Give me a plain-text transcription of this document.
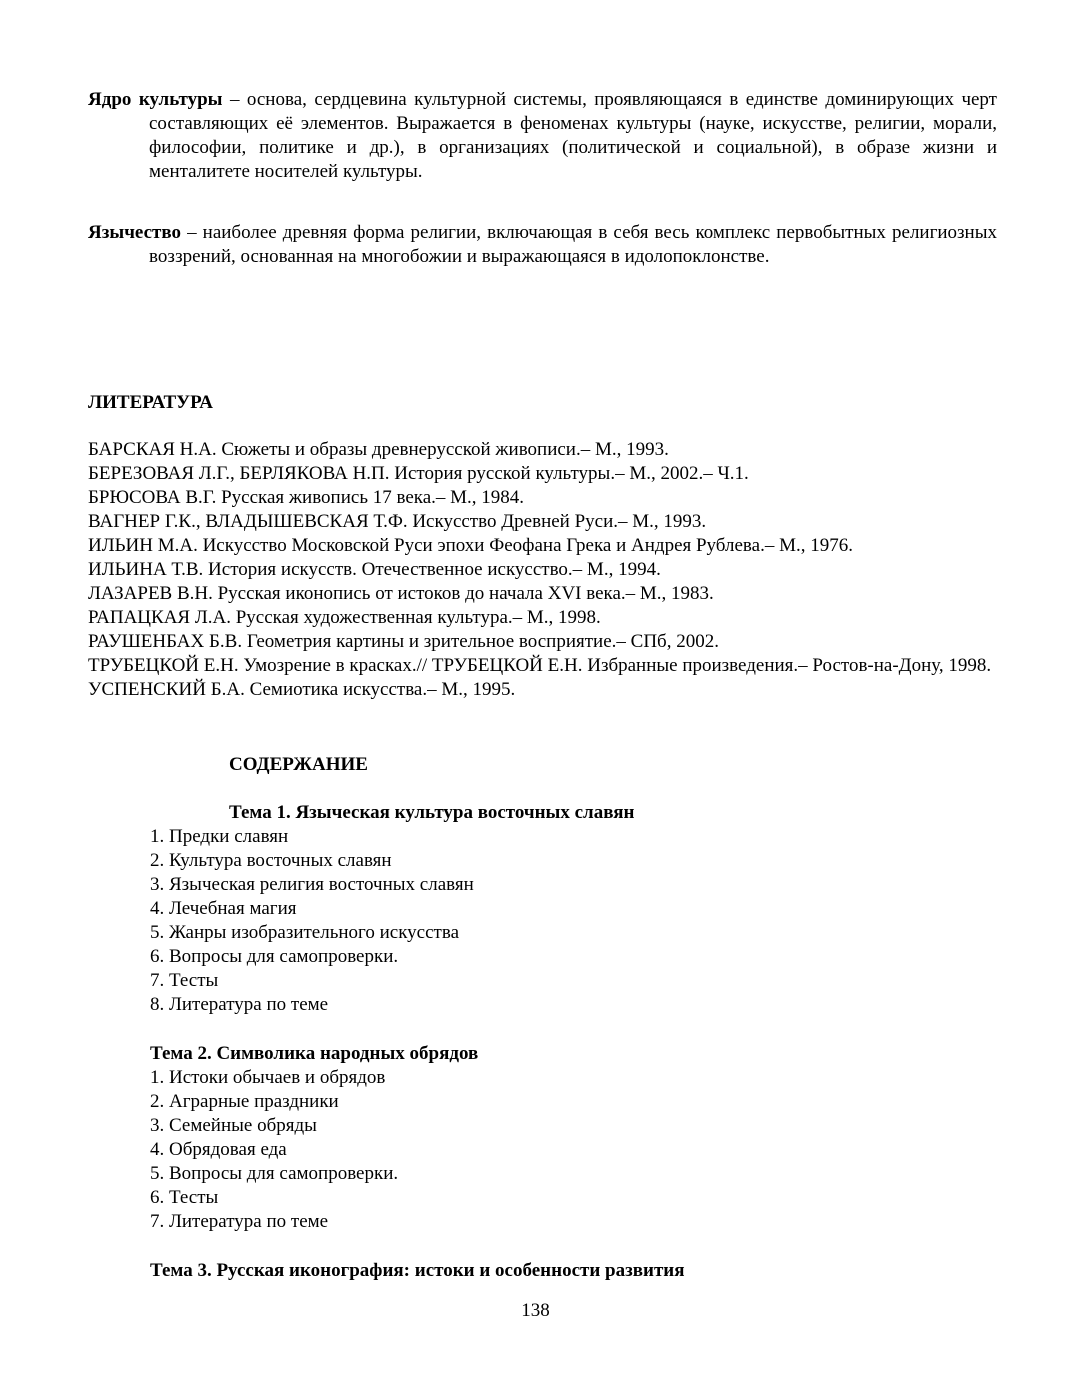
Ядро культуры – основа, сердцевина культурной системы, проявляющаяся в единстве доминирующих черт составляющих её элементов. Выражается в феноменах культуры (науке, искусстве, религии, морали, философии, политике и др.), в организациях (политической и социальной), в образе жизни и менталитете носителей культуры.

Язычество – наиболее древняя форма религии, включающая в себя весь комплекс первобытных религиозных воззрений, основанная на многобожии и выражающаяся в идолопоклонстве.

ЛИТЕРАТУРА
БАРСКАЯ Н.А. Сюжеты и образы древнерусской живописи.– М., 1993.
БЕРЕЗОВАЯ Л.Г., БЕРЛЯКОВА Н.П. История русской культуры.– М., 2002.– Ч.1.
БРЮСОВА В.Г. Русская живопись 17 века.– М., 1984.
ВАГНЕР Г.К., ВЛАДЫШЕВСКАЯ Т.Ф. Искусство Древней Руси.– М., 1993.
ИЛЬИН М.А. Искусство Московской Руси эпохи Феофана Грека и Андрея Рублева.– М., 1976.
ИЛЬИНА Т.В. История искусств. Отечественное искусство.– М., 1994.
ЛАЗАРЕВ В.Н. Русская иконопись от истоков до начала XVI века.– М., 1983.
РАПАЦКАЯ Л.А. Русская художественная культура.– М., 1998.
РАУШЕНБАХ Б.В. Геометрия картины и зрительное восприятие.– СПб, 2002.
ТРУБЕЦКОЙ Е.Н. Умозрение в красках.// ТРУБЕЦКОЙ Е.Н. Избранные произведения.– Ростов-на-Дону, 1998.
УСПЕНСКИЙ Б.А. Семиотика искусства.– М., 1995.
СОДЕРЖАНИЕ
Тема 1. Языческая культура восточных славян
1. Предки славян
2. Культура восточных славян
3. Языческая религия восточных славян
4. Лечебная магия
5. Жанры изобразительного искусства
6. Вопросы для самопроверки.
7. Тесты
8. Литература по теме
Тема 2. Символика народных обрядов
1. Истоки обычаев и обрядов
2. Аграрные праздники
3. Семейные обряды
4. Обрядовая еда
5. Вопросы для самопроверки.
6. Тесты
7. Литература по теме
Тема 3. Русская иконография: истоки и особенности развития
138
